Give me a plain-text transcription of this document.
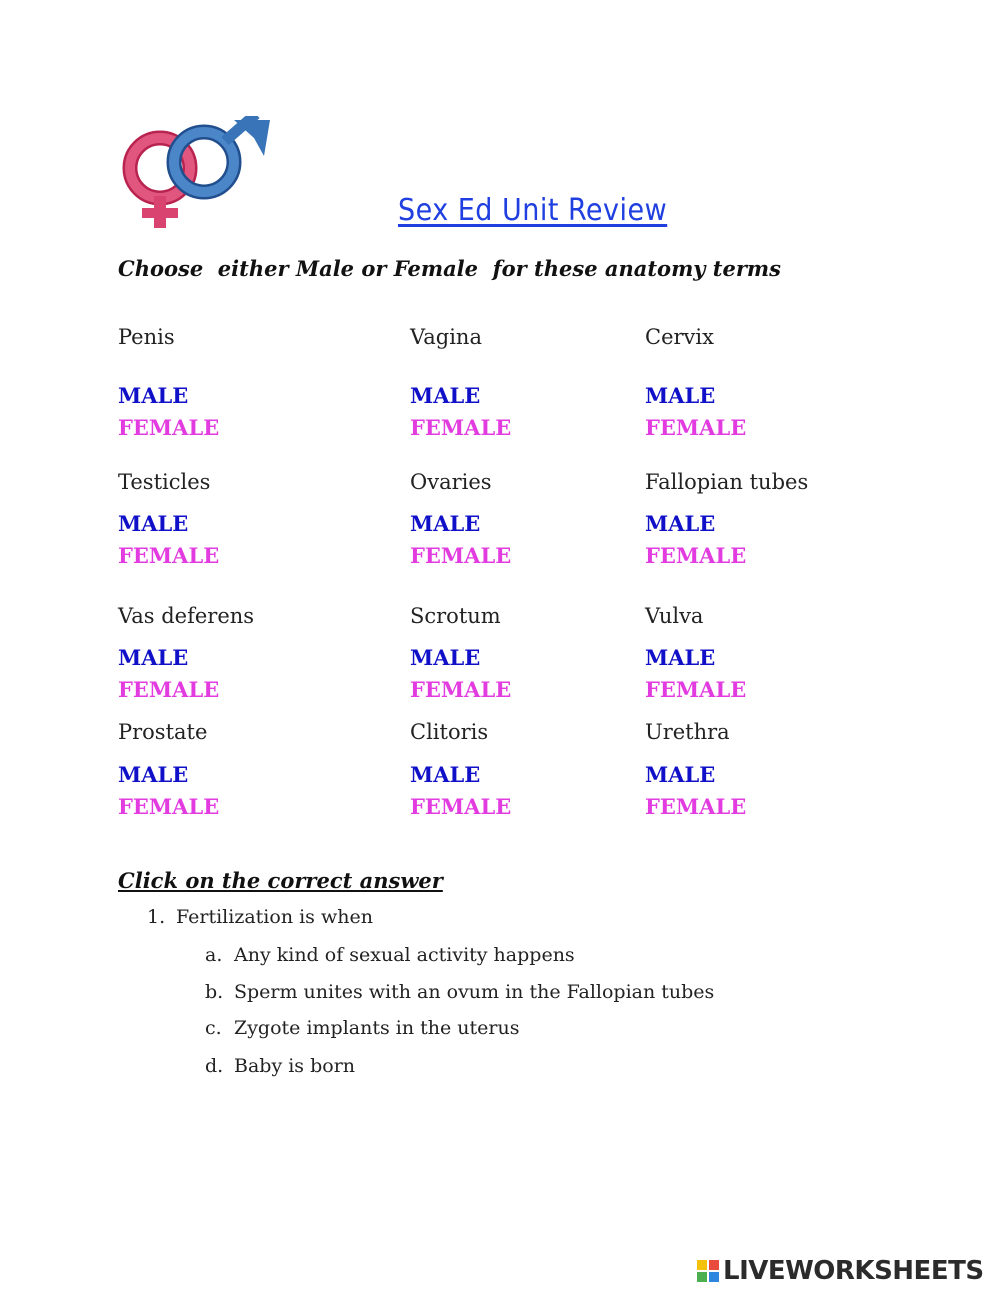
Sex Ed Unit Review
Choose  either Male or Female  for these anatomy terms
Penis	Vagina	Cervix
MALE	MALE	MALE
FEMALE	FEMALE	FEMALE
Testicles	Ovaries	Fallopian tubes
MALE	MALE	MALE
FEMALE	FEMALE	FEMALE
Vas deferens	Scrotum	Vulva
MALE	MALE	MALE
FEMALE	FEMALE	FEMALE
Prostate	Clitoris	Urethra
MALE	MALE	MALE
FEMALE	FEMALE	FEMALE
Click on the correct answer
1. Fertilization is when
a. Any kind of sexual activity happens
b. Sperm unites with an ovum in the Fallopian tubes
c. Zygote implants in the uterus
d. Baby is born
LIVEWORKSHEETS
